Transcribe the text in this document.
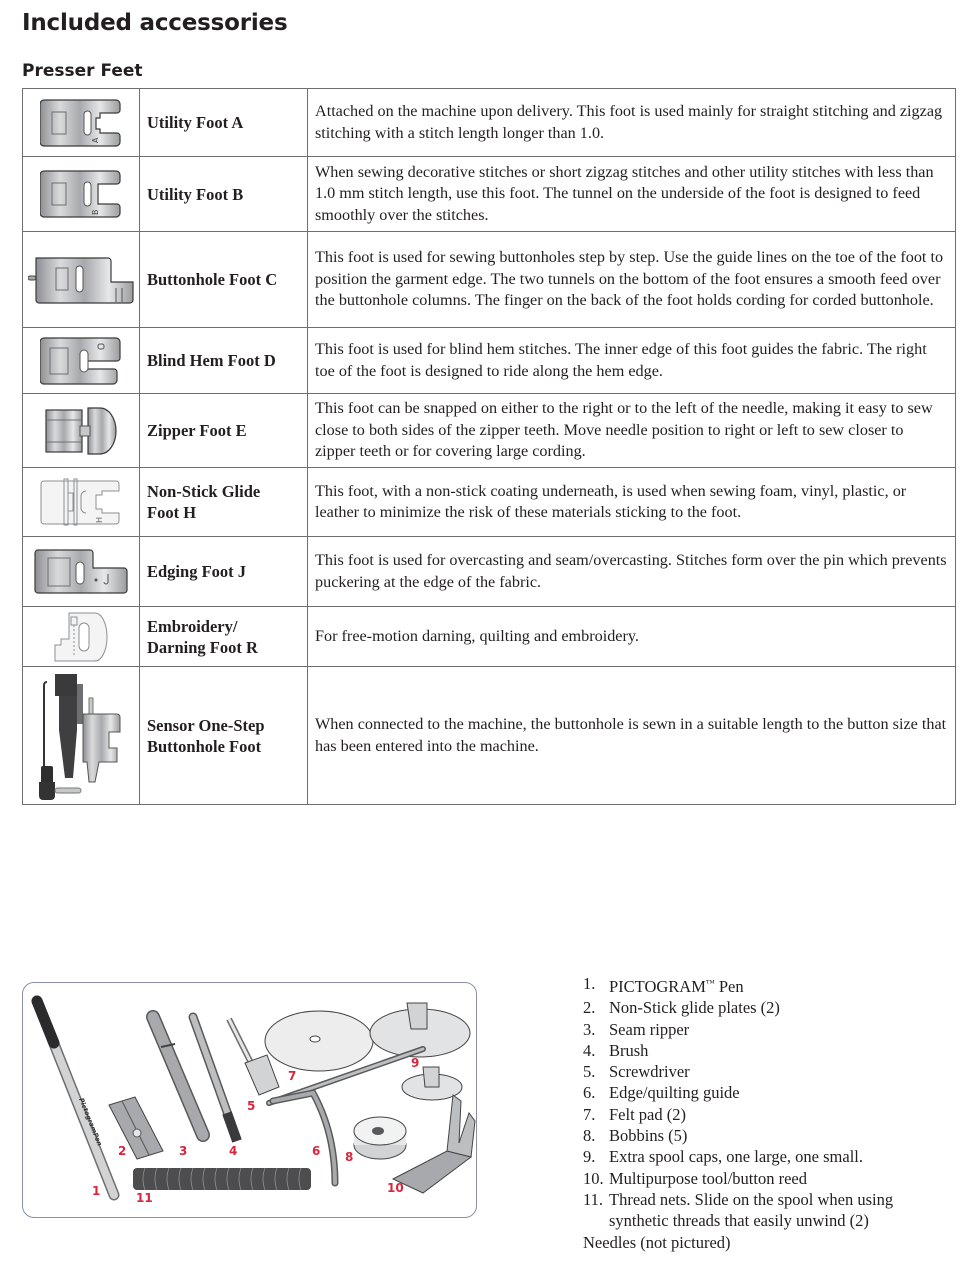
Included accessories
Presser Feet
A	Utility Foot A	Attached on the machine upon delivery. This foot is used mainly for straight stitching and zigzag stitching with a stitch length longer than 1.0.

B	Utility Foot B	When sewing decorative stitches or short zigzag stitches and other utility stitches with less than 1.0 mm stitch length, use this foot. The tunnel on the underside of the foot is designed to feed smoothly over the stitches.

	Buttonhole Foot C	This foot is used for sewing buttonholes step by step. Use the guide lines on the toe of the foot to position the garment edge. The two tunnels on the bottom of the foot ensures a smooth feed over the buttonhole columns. The finger on the back of the foot holds cording for corded buttonhole.

	Blind Hem Foot D	This foot is used for blind hem stitches. The inner edge of this foot guides the fabric. The right toe of the foot is designed to ride along the hem edge.

	Zipper Foot E	This foot can be snapped on either to the right or to the left of the needle, making it easy to sew close to both sides of the zipper teeth. Move needle position to right or left to sew closer to zipper teeth or for covering large cording.

H	Non-Stick Glide
Foot H	This foot, with a non-stick coating underneath, is used when sewing foam, vinyl, plastic, or leather to minimize the risk of these materials sticking to the foot.

	Edging Foot J	This foot is used for overcasting and seam/overcasting. Stitches form over the pin which prevents puckering at the edge of the fabric.

	Embroidery/
Darning Foot R	For free-motion darning, quilting and embroidery.

	Sensor One-Step
Buttonhole Foot	When connected to the machine, the buttonhole is sewn in a suitable length to the button size that has been entered into the machine.
PictogramPen
1
2	3	4
5
6
7
8
9
10
11
1. PICTOGRAM™ Pen
2. Non-Stick glide plates (2)
3. Seam ripper
4. Brush
5. Screwdriver
6. Edge/quilting guide
7. Felt pad (2)
8. Bobbins (5)
9. Extra spool caps, one large, one small.
10. Multipurpose tool/button reed
11. Thread nets. Slide on the spool when using synthetic threads that easily unwind (2)
Needles (not pictured)
